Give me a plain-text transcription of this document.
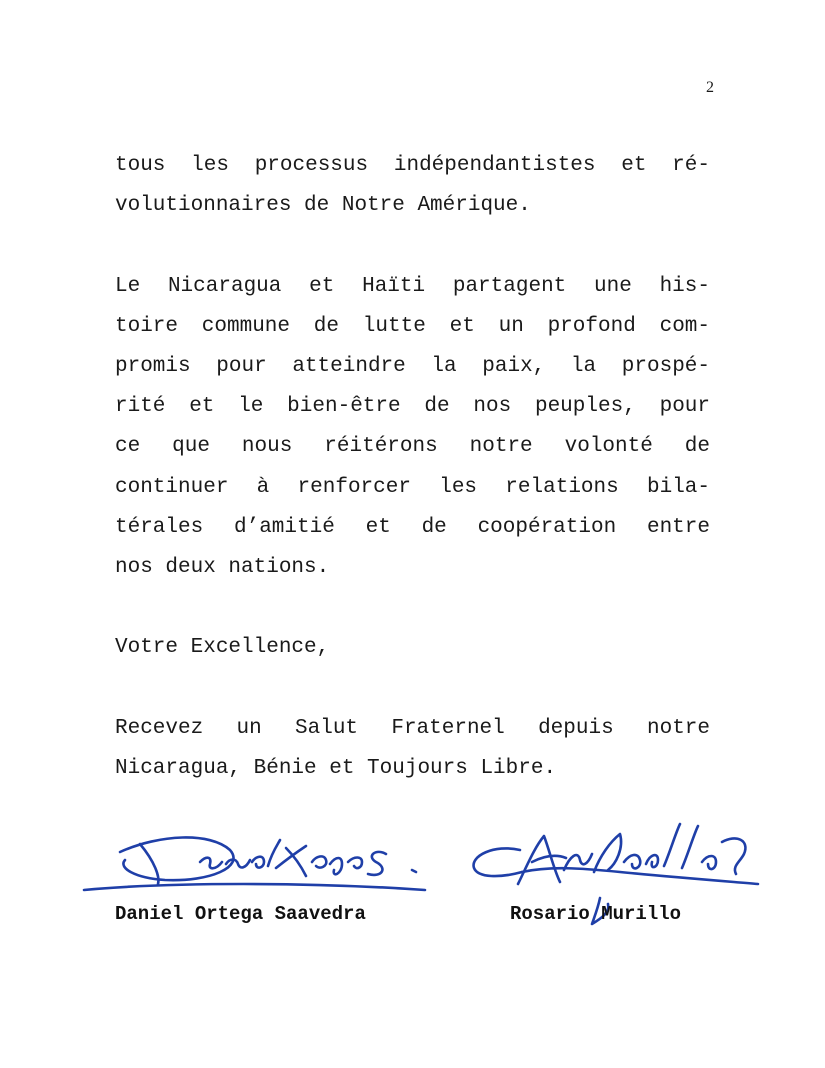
2
tous les processus indépendantistes et ré-
volutionnaires de Notre Amérique.
Le Nicaragua et Haïti partagent une his-
toire commune de lutte et un profond com-
promis pour atteindre la paix, la prospé-
rité et le bien-être de nos peuples, pour
ce que nous réitérons notre volonté de
continuer à renforcer les relations bila-
térales d’amitié et de coopération entre
nos deux nations.
Votre Excellence,
Recevez un Salut Fraternel depuis notre
Nicaragua, Bénie et Toujours Libre.
Daniel Ortega Saavedra	Rosario Murillo
